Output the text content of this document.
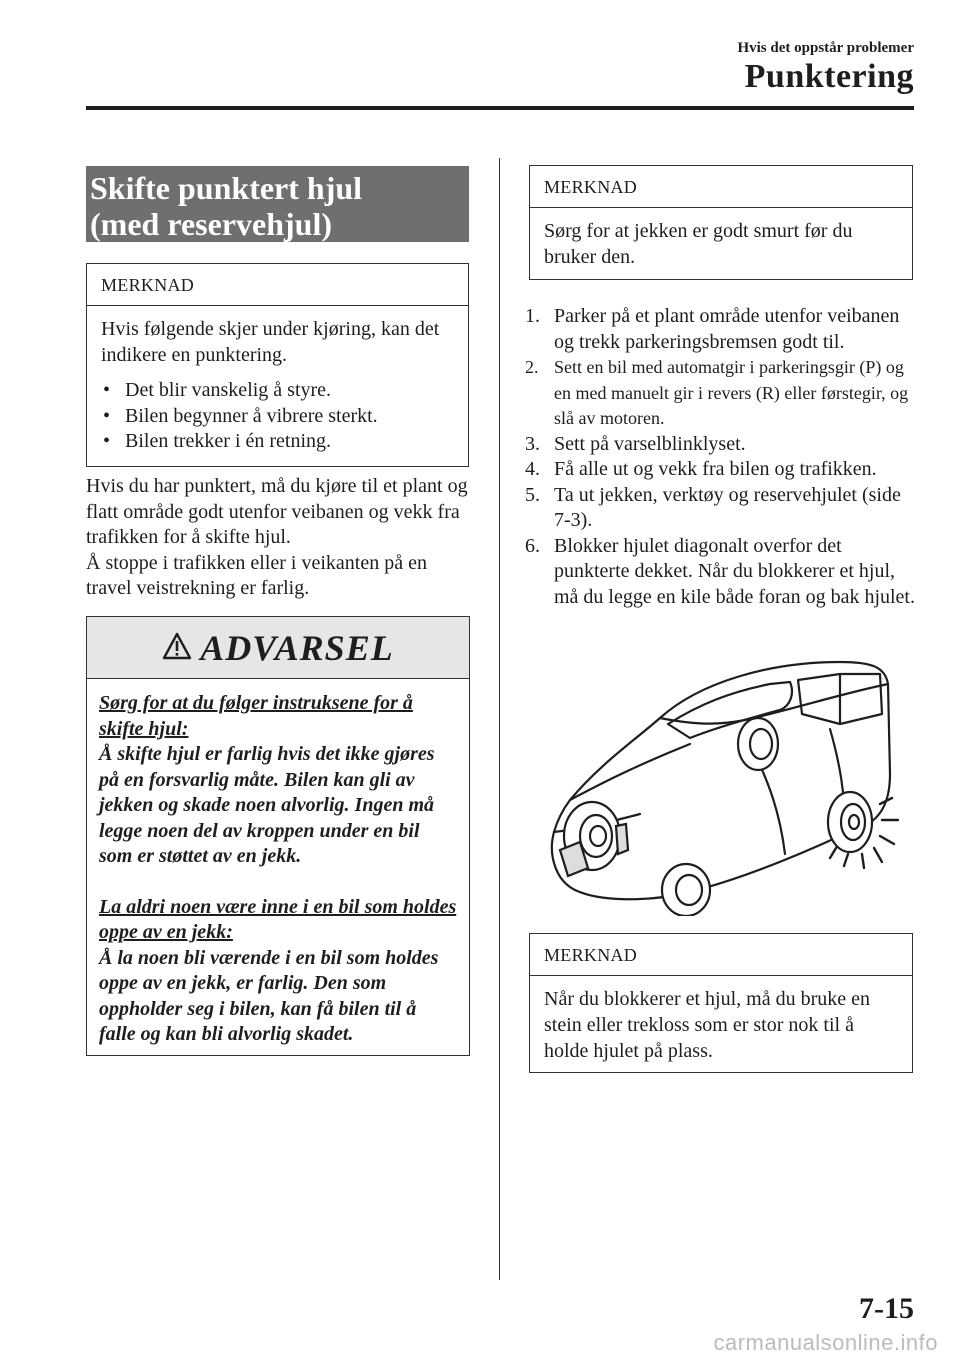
Hvis det oppstår problemer
Punktering
Skifte punktert hjul
(med reservehjul)
MERKNAD

Hvis følgende skjer under kjøring, kan det indikere en punktering.

• Det blir vanskelig å styre.
• Bilen begynner å vibrere sterkt.
• Bilen trekker i én retning.

Hvis du har punktert, må du kjøre til et plant og flatt område godt utenfor veibanen og vekk fra trafikken for å skifte hjul.

Å stoppe i trafikken eller i veikanten på en travel veistrekning er farlig.

ADVARSEL

Sørg for at du følger instruksene for å skifte hjul:

Å skifte hjul er farlig hvis det ikke gjøres på en forsvarlig måte. Bilen kan gli av jekken og skade noen alvorlig. Ingen må legge noen del av kroppen under en bil som er støttet av en jekk.

La aldri noen være inne i en bil som holdes oppe av en jekk:

Å la noen bli værende i en bil som holdes oppe av en jekk, er farlig. Den som oppholder seg i bilen, kan få bilen til å falle og kan bli alvorlig skadet.

MERKNAD

Sørg for at jekken er godt smurt før du bruker den.

1. Parker på et plant område utenfor veibanen og trekk parkeringsbremsen godt til.
2. Sett en bil med automatgir i parkeringsgir (P) og en med manuelt gir i revers (R) eller førstegir, og slå av motoren.
3. Sett på varselblinklyset.
4. Få alle ut og vekk fra bilen og trafikken.
5. Ta ut jekken, verktøy og reservehjulet (side 7-3).
6. Blokker hjulet diagonalt overfor det punkterte dekket. Når du blokkerer et hjul, må du legge en kile både foran og bak hjulet.
MERKNAD

Når du blokkerer et hjul, må du bruke en stein eller trekloss som er stor nok til å holde hjulet på plass.

7-15
carmanualsonline.info
